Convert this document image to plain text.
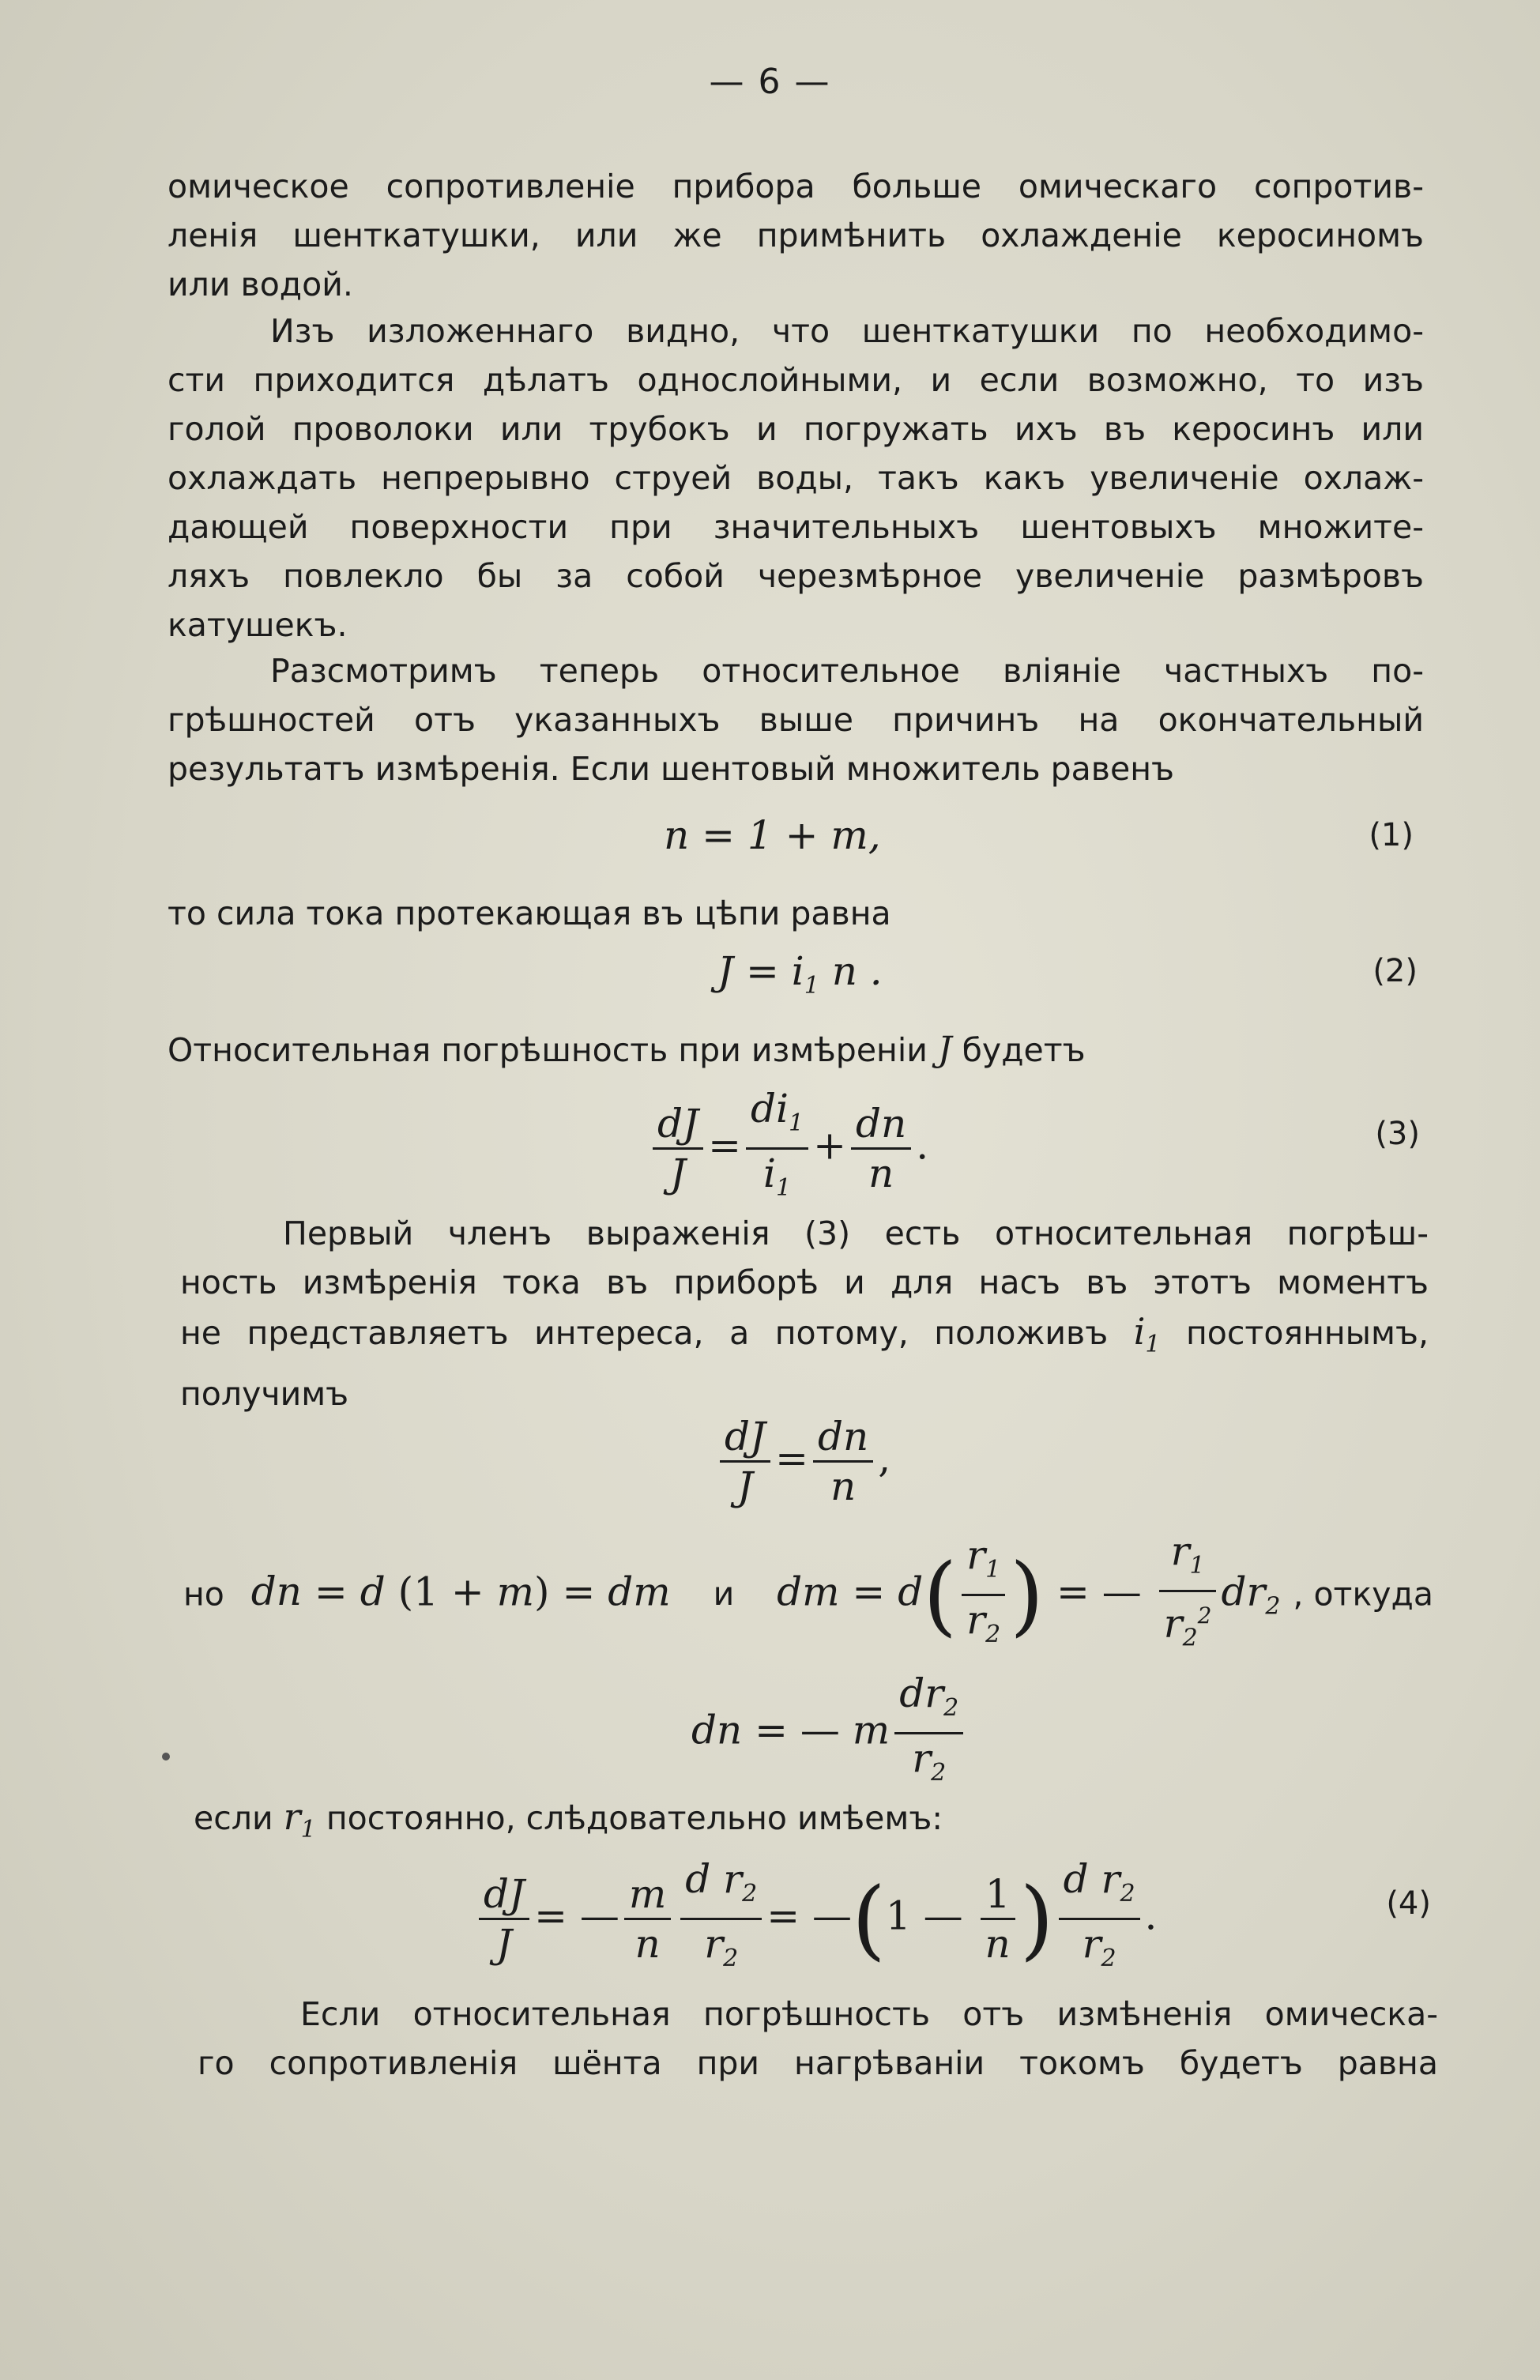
— 6 —
омическое сопротивленіе прибора больше омическаго сопротив-
ленія шенткатушки, или же примѣнить охлажденіе керосиномъ
или водой.
Изъ изложеннаго видно, что шенткатушки по необходимо-
сти приходится дѣлатъ однослойными, и если возможно, то изъ
голой проволоки или трубокъ и погружать ихъ въ керосинъ или
охлаждать непрерывно струей воды, такъ какъ увеличеніе охлаж-
дающей поверхности при значительныхъ шентовыхъ множите-
ляхъ повлекло бы за собой черезмѣрное увеличеніе размѣровъ
катушекъ.
Разсмотримъ теперь относительное вліяніе частныхъ по-
грѣшностей отъ указанныхъ выше причинъ на окончательный
результатъ измѣренія. Если шентовый множитель равенъ
n = 1 + m,	(1)
то сила тока протекающая въ цѣпи равна
$J = i_1$ n .	(2)
Относительная погрѣшность при измѣреніи J будетъ
$\frac{dJ}{J} = \frac{di_1}{i_1} + \frac{dn}{n}$ .	(3)
Первый членъ выраженія (3) есть относительная погрѣш-
ность измѣренія тока въ приборѣ и для насъ въ этотъ моментъ
не представляетъ интереса, а потому, положивъ $i_1$ постояннымъ,
получимъ
$\frac{dJ}{J} = \frac{dn}{n}$ ,
но dn = d (1 + m) = dm и dm = $d( \frac{r_1}{r_2}$ ) = — $\frac{r_1}{r_2^2} dr_2$ , откуда
dn = — m $\frac{dr_2}{r_2}$
если $r_1$ постоянно, слѣдовательно имѣемъ:
$\frac{dJ}{J}$ = — $\frac{m}{n} \frac{d r_2}{r_2}$ = —(1 — $\frac{1}{n}$ ) $\frac{d r_2}{r_2}$ .	(4)
Если относительная погрѣшность отъ измѣненія омическа-
го сопротивленія шёнта при нагрѣваніи токомъ будетъ равна
